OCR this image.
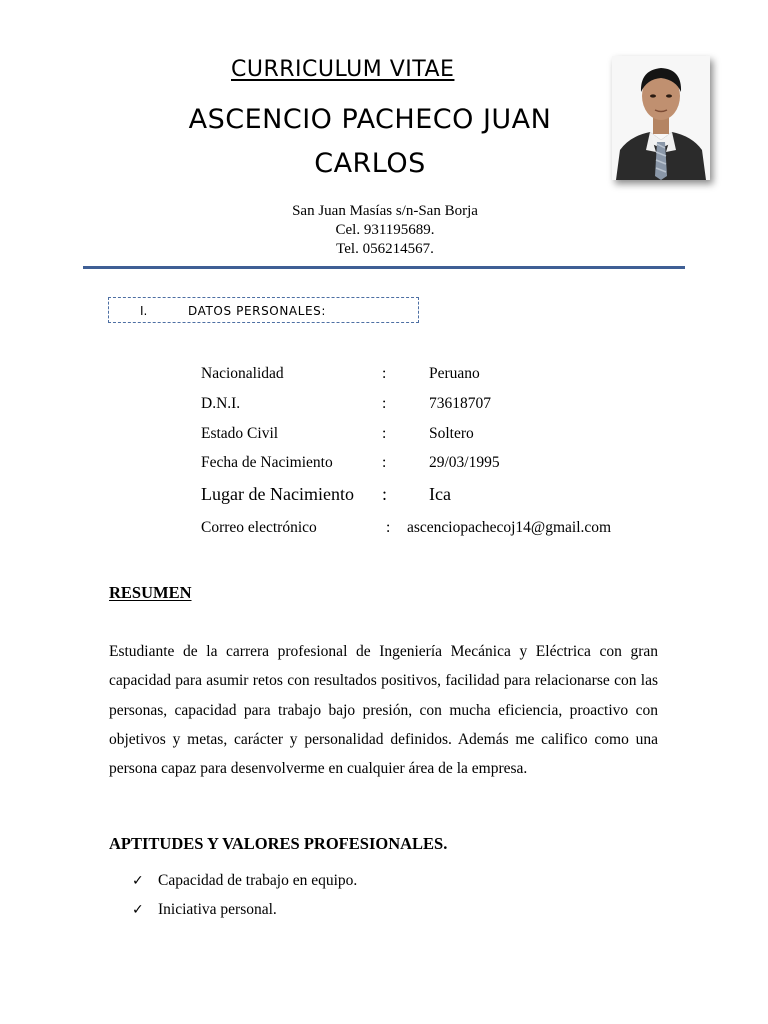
CURRICULUM VITAE
ASCENCIO PACHECO JUAN
CARLOS
San Juan Masías s/n-San Borja
Cel. 931195689.
Tel. 056214567.
I.	DATOS PERSONALES:
Nacionalidad	:	Peruano
D.N.I.	:	73618707
Estado Civil	:	Soltero
Fecha de Nacimiento	:	29/03/1995
Lugar de Nacimiento : Ica
Correo electrónico	: ascenciopachecoj14@gmail.com
RESUMEN

Estudiante de la carrera profesional de Ingeniería Mecánica y Eléctrica con gran capacidad para asumir retos con resultados positivos, facilidad para relacionarse con las personas, capacidad para trabajo bajo presión, con mucha eficiencia, proactivo con objetivos y metas, carácter y personalidad definidos. Además me califico como una persona capaz para desenvolverme en cualquier área de la empresa.

APTITUDES Y VALORES PROFESIONALES.
✓ Capacidad de trabajo en equipo.
✓ Iniciativa personal.
